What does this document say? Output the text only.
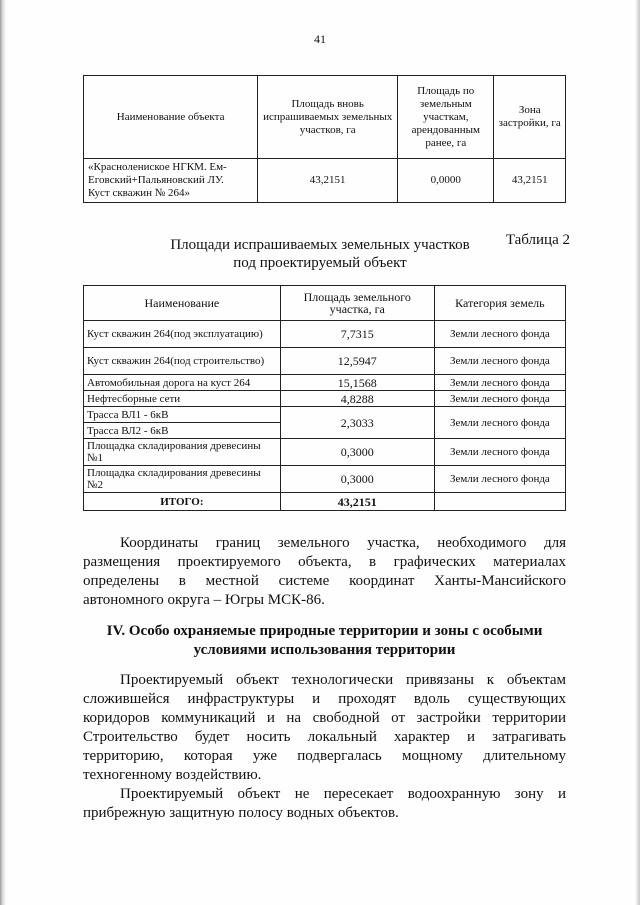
41
Наименование объекта	Площадь вновь испрашиваемых земельных участков, га	Площадь по земельным участкам, арендованным ранее, га	Зона застройки, га
«Краснолениское НГКМ. Ем-
Еговский+Пальяновский ЛУ.
Куст скважин № 264»	43,2151	0,0000	43,2151
Таблица 2
Площади испрашиваемых земельных участков
под проектируемый объект
Наименование	Площадь земельного участка, га	Категория земель
Куст скважин 264(под эксплуатацию)	7,7315	Земли лесного фонда
Куст скважин 264(под строительство)	12,5947	Земли лесного фонда
Автомобильная дорога на куст 264	15,1568	Земли лесного фонда
Нефтесборные сети	4,8288	Земли лесного фонда
Трасса ВЛ1 - 6кВ	2,3033	Земли лесного фонда
Трасса ВЛ2 - 6кВ		
Площадка складирования древесины №1	0,3000	Земли лесного фонда
Площадка складирования древесины №2	0,3000	Земли лесного фонда
ИТОГО:	43,2151	
Координаты границ земельного участка, необходимого для
размещения проектируемого объекта, в графических материалах
определены в местной системе координат Ханты-Мансийского
автономного округа – Югры МСК-86.
IV. Особо охраняемые природные территории и зоны с особыми
условиями использования территории
Проектируемый объект технологически привязаны к объектам
сложившейся инфраструктуры и проходят вдоль существующих
коридоров коммуникаций и на свободной от застройки территории
Строительство будет носить локальный характер и затрагивать
территорию, которая уже подвергалась мощному длительному
техногенному воздействию.
Проектируемый объект не пересекает водоохранную зону и
прибрежную защитную полосу водных объектов.
